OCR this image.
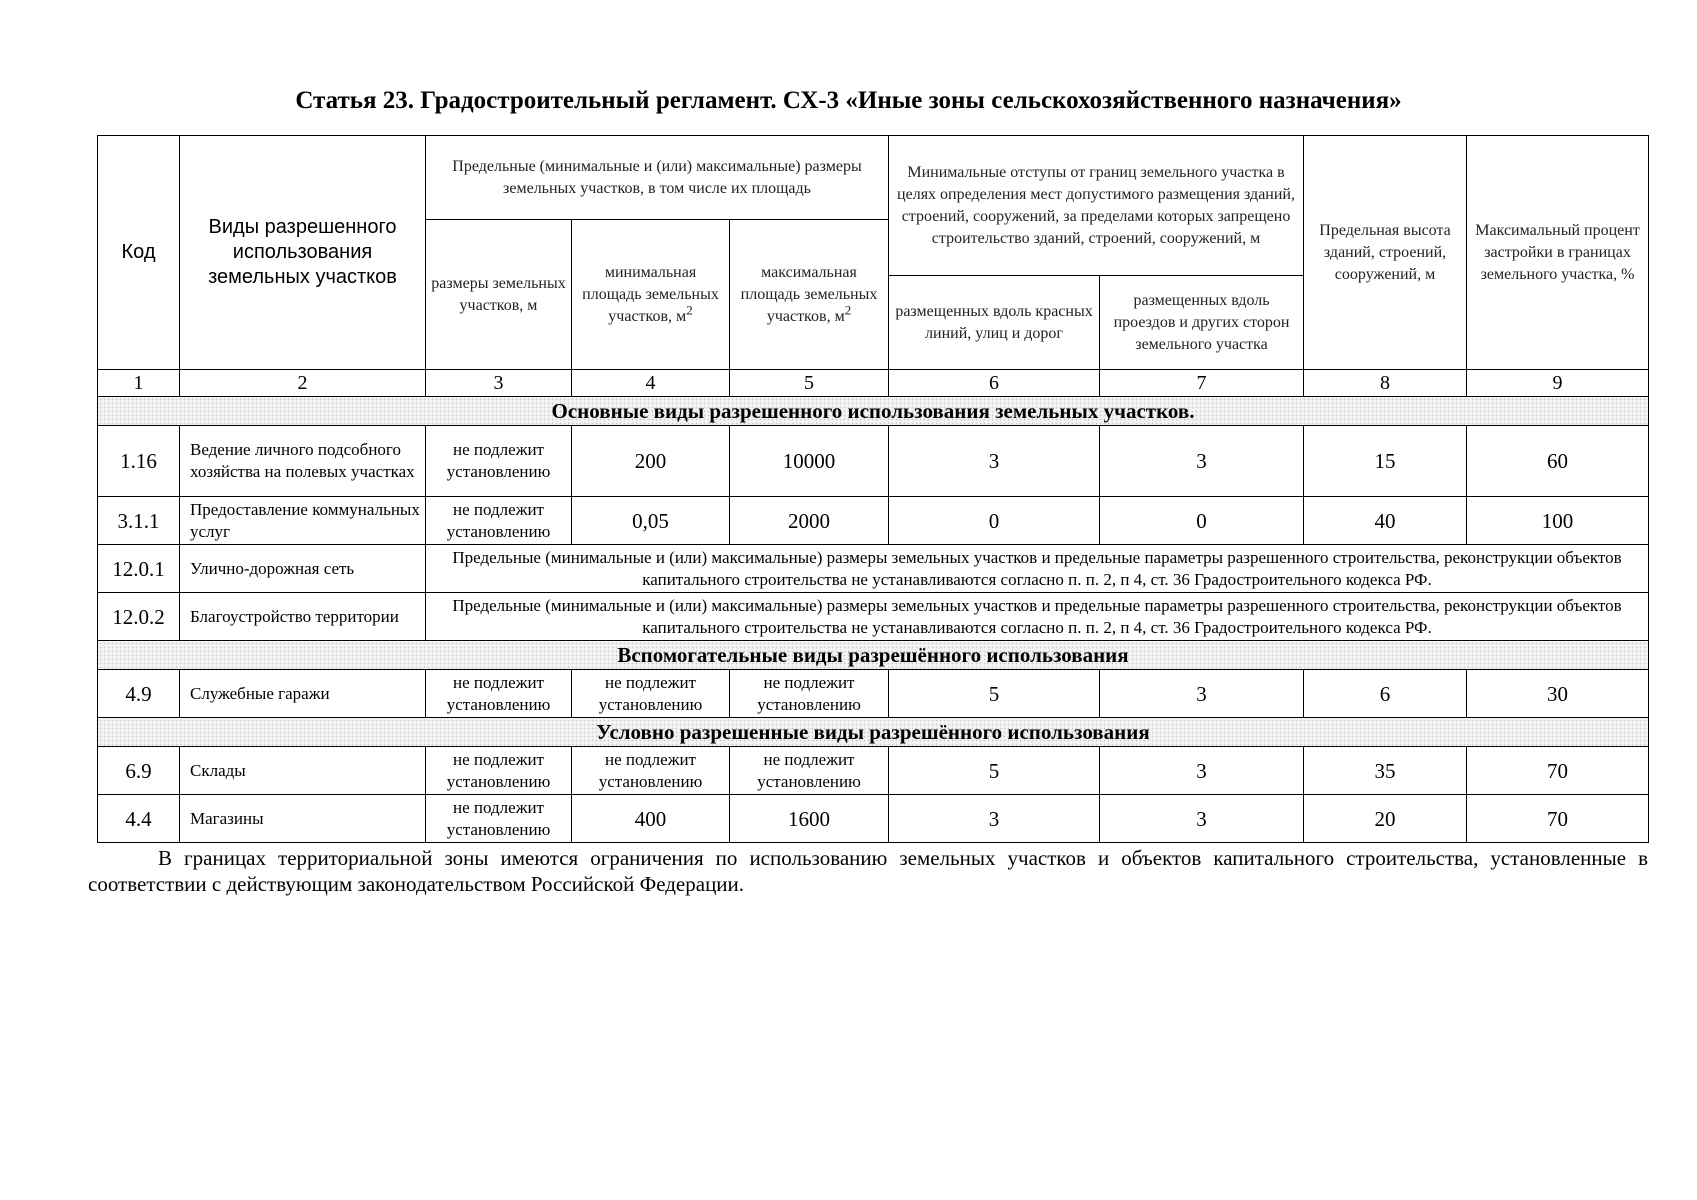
Статья 23. Градостроительный регламент. СХ-3 «Иные зоны сельскохозяйственного назначения»
Код	Виды разрешенного использования земельных участков	Предельные (минимальные и (или) максимальные) размеры земельных участков, в том числе их площадь			Минимальные отступы от границ земельного участка в целях определения мест допустимого размещения зданий, строений, сооружений, за пределами которых запрещено строительство зданий, строений, сооружений, м		Предельная высота зданий, строений, сооружений, м	Максимальный процент застройки в границах земельного участка, %
		размеры земельных участков, м	минимальная площадь земельных участков, $м^2$	максимальная площадь земельных участков, $м^2$
					размещенных вдоль красных линий, улиц и дорог	размещенных вдоль проездов и других сторон земельного участка		
1	2	3	4	5	6	7	8	9
Основные виды разрешенного использования земельных участков.								
1.16	Ведение личного подсобного хозяйства на полевых участках	не подлежит установлению	200	10000	3	3	15	60
3.1.1	Предоставление коммунальных услуг	не подлежит установлению	0,05	2000	0	0	40	100
12.0.1	Улично-дорожная сеть	Предельные (минимальные и (или) максимальные) размеры земельных участков и предельные параметры разрешенного строительства, реконструкции объектов капитального строительства не устанавливаются согласно п. п. 2, п 4, ст. 36 Градостроительного кодекса РФ.						
12.0.2	Благоустройство территории	Предельные (минимальные и (или) максимальные) размеры земельных участков и предельные параметры разрешенного строительства, реконструкции объектов капитального строительства не устанавливаются согласно п. п. 2, п 4, ст. 36 Градостроительного кодекса РФ.						
Вспомогательные виды разрешённого использования								
4.9	Служебные гаражи	не подлежит установлению	не подлежит установлению	не подлежит установлению	5	3	6	30
Условно разрешенные виды разрешённого использования								
6.9	Склады	не подлежит установлению	не подлежит установлению	не подлежит установлению	5	3	35	70
4.4	Магазины	не подлежит установлению	400	1600	3	3	20	70
В границах территориальной зоны имеются ограничения по использованию земельных участков и объектов капитального строительства, установленные в соответствии с действующим законодательством Российской Федерации.
